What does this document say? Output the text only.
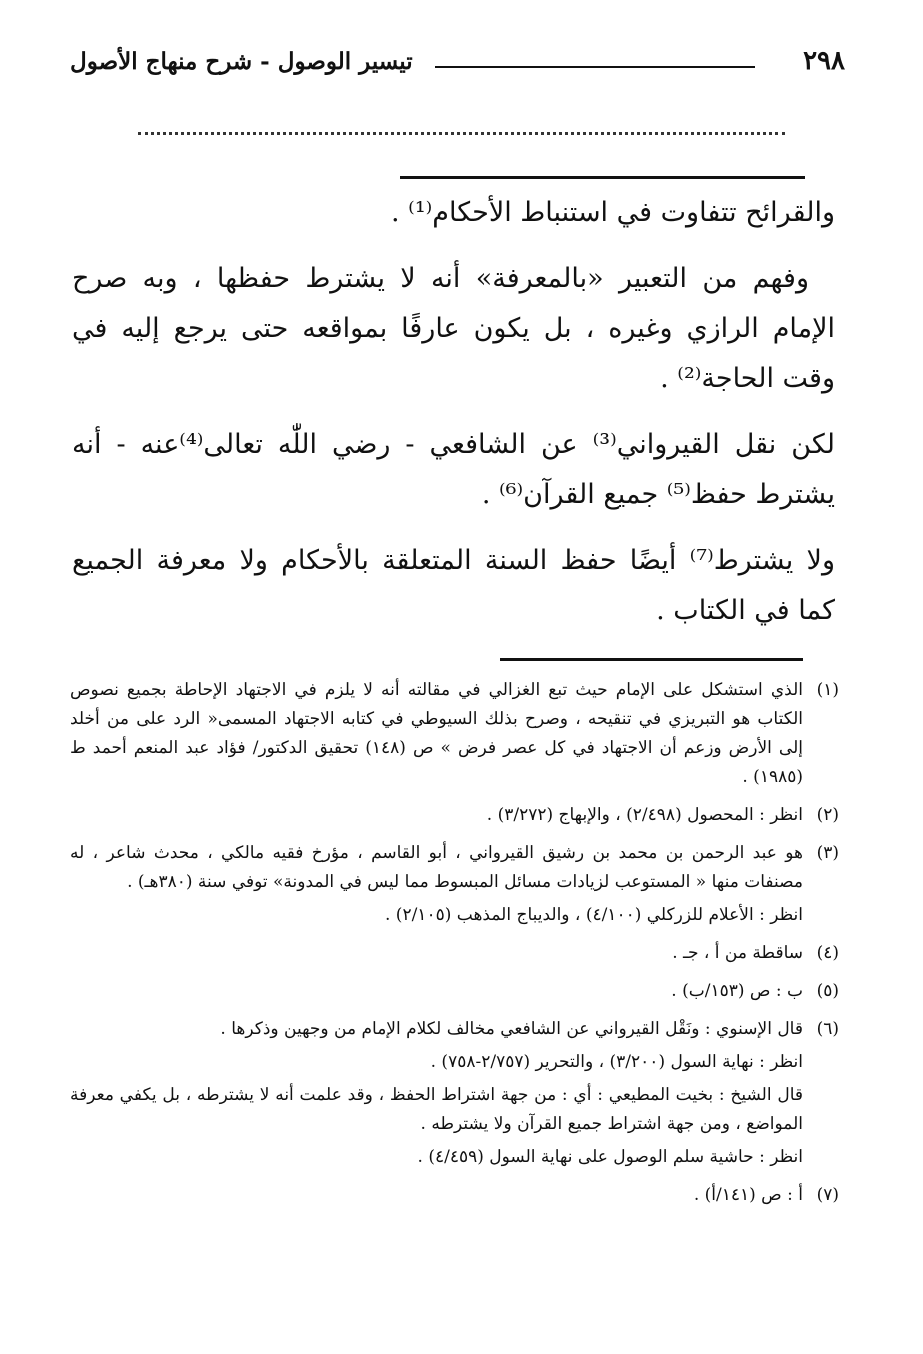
٢٩٨
تيسير الوصول - شرح منهاج الأصول

والقرائح تتفاوت في استنباط الأحكام⁽¹⁾ .

وفهم من التعبير «بالمعرفة» أنه لا يشترط حفظها ، وبه صرح الإمام الرازي وغيره ، بل يكون عارفًا بمواقعه حتى يرجع إليه في وقت الحاجة⁽²⁾ .

لكن نقل القيرواني⁽³⁾ عن الشافعي - رضي اللّٰه تعالى⁽⁴⁾عنه - أنه يشترط حفظ⁽⁵⁾ جميع القرآن⁽⁶⁾ .

ولا يشترط⁽⁷⁾ أيضًا حفظ السنة المتعلقة بالأحكام ولا معرفة الجميع كما في الكتاب .

(١)
الذي استشكل على الإمام حيث تبع الغزالي في مقالته أنه لا يلزم في الاجتهاد الإحاطة بجميع نصوص الكتاب هو التبريزي في تنقيحه ، وصرح بذلك السيوطي في كتابه الاجتهاد المسمى« الرد على من أخلد إلى الأرض وزعم أن الاجتهاد في كل عصر فرض » ص (١٤٨) تحقيق الدكتور/ فؤاد عبد المنعم أحمد ط (١٩٨٥) .
(٢)
انظر : المحصول (٢/٤٩٨) ، والإبهاج (٣/٢٧٢) .
(٣)
هو عبد الرحمن بن محمد بن رشيق القيرواني ، أبو القاسم ، مؤرخ فقيه مالكي ، محدث شاعر ، له مصنفات منها « المستوعب لزيادات مسائل المبسوط مما ليس في المدونة» توفي سنة (٣٨٠هـ) .
انظر : الأعلام للزركلي (٤/١٠٠) ، والديباج المذهب (٢/١٠٥) .
(٤)
ساقطة من أ ، جـ .
(٥)
ب : ص (١٥٣/ب) .
(٦)
قال الإسنوي : ونَقْل القيرواني عن الشافعي مخالف لكلام الإمام من وجهين وذكرها .
انظر : نهاية السول (٣/٢٠٠) ، والتحرير (٢/٧٥٧-٧٥٨) .
قال الشيخ : بخيت المطيعي : أي : من جهة اشتراط الحفظ ، وقد علمت أنه لا يشترطه ، بل يكفي معرفة المواضع ، ومن جهة اشتراط جميع القرآن ولا يشترطه .
انظر : حاشية سلم الوصول على نهاية السول (٤/٤٥٩) .
(٧)
أ : ص (١٤١/أ) .
